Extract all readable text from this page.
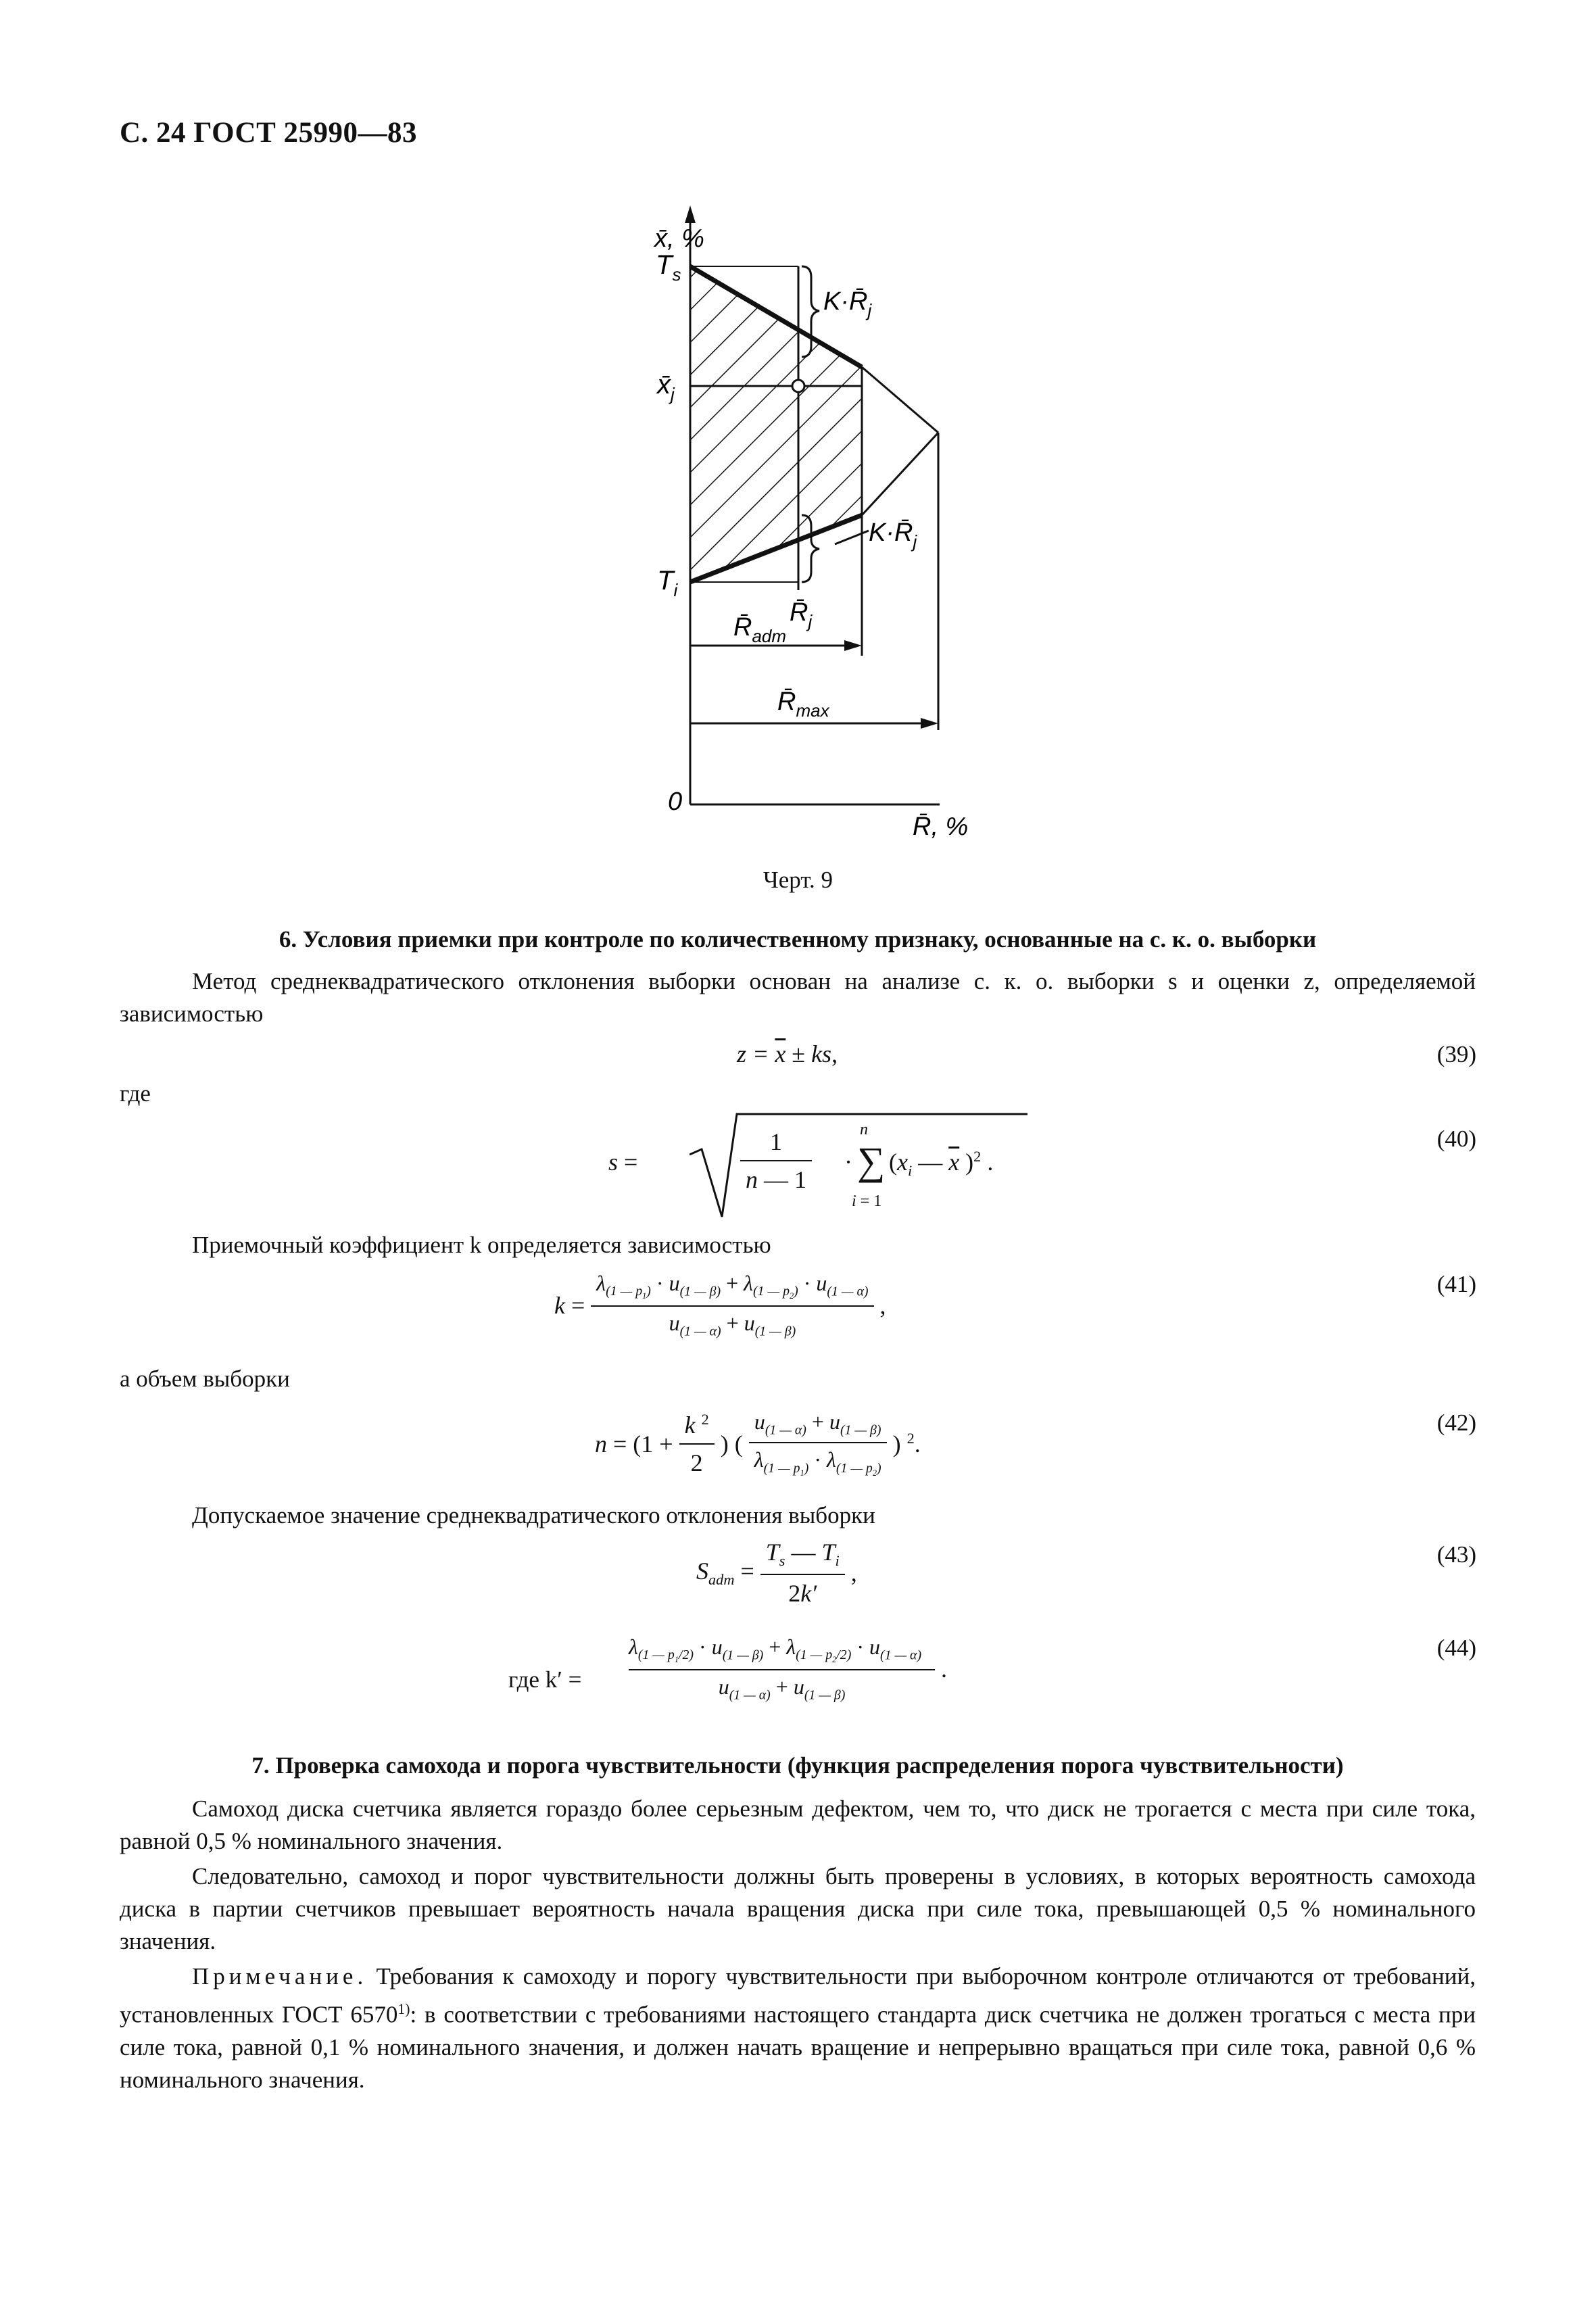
С. 24 ГОСТ 25990—83
x̄, %
$T_s$
$x̄_j$
$T_i$
0
$K\cdot R̄_j$
$K\cdot R̄_j$
$R̄_j$
$R̄_{adm}$
$R̄_{max}$
R̄, %
Черт. 9
6. Условия приемки при контроле по количественному признаку, основанные на с. к. о. выборки
Метод среднеквадратического отклонения выборки основан на анализе с. к. о. выборки s и оценки z, определяемой зависимостью
$z = \overline{x}$ ± ks,	(39)
где
s =	$\frac{1}{n — 1}$ ·
n
∑
i = 1
($x_i$ — $\overline{x}$ )$^2$ .
(40)
Приемочный коэффициент k определяется зависимостью
$k = \frac{\lambda_{(1 — p_1)} \cdot u_{(1 — \beta)} + \lambda_{(1 — p_2)} \cdot u_{(1 — \alpha)}}{u_{(1 — \alpha)} + u_{(1 — \beta)}}$ ,
(41)
а объем выборки
$n = (1 + \frac{k ^2}{2}$ ) ( $\frac{u_{(1 — \alpha)} + u_{(1 — \beta)}}{\lambda_{(1 — p_1)} \cdot \lambda_{(1 — p_2)}}$ ) $^2$.
(42)
Допускаемое значение среднеквадратического отклонения выборки
$S_{adm} = \frac{T_s — T_i}{2k'}$ ,
(43)
где $k' = \frac{\lambda_{(1 — p_1/2)} \cdot u_{(1 — \beta)} + \lambda_{(1 — p_2/2)} \cdot u_{(1 — \alpha)}}{u_{(1 — \alpha)} + u_{(1 — \beta)}}$ .
(44)
7. Проверка самохода и порога чувствительности (функция распределения порога чувствительности)
Самоход диска счетчика является гораздо более серьезным дефектом, чем то, что диск не трогается с места при силе тока, равной 0,5 % номинального значения.
Следовательно, самоход и порог чувствительности должны быть проверены в условиях, в которых вероятность самохода диска в партии счетчиков превышает вероятность начала вращения диска при силе тока, превышающей 0,5 % номинального значения.
Примечание. Требования к самоходу и порогу чувствительности при выборочном контроле отличаются от требований, установленных ГОСТ 6570$^{1)}$: в соответствии с требованиями настоящего стандарта диск счетчика не должен трогаться с места при силе тока, равной 0,1 % номинального значения, и должен начать вращение и непрерывно вращаться при силе тока, равной 0,6 % номинального значения.
